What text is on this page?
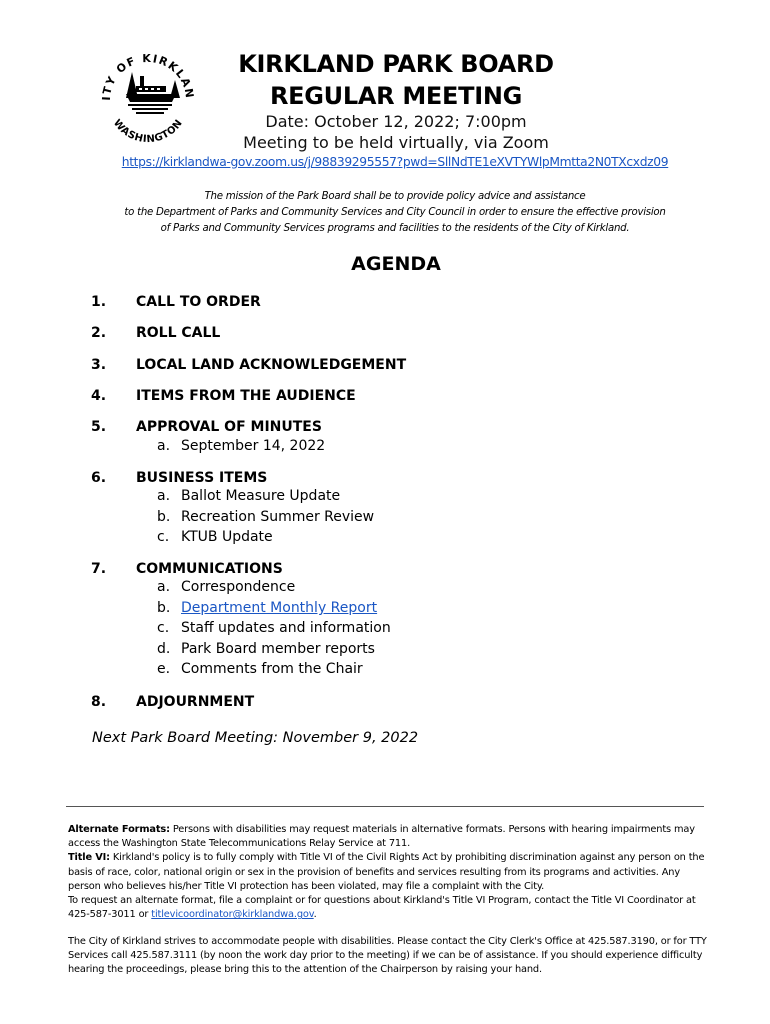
ITY OF KIRKLAN
WASHINGTON
KIRKLAND PARK BOARD
REGULAR MEETING
Date: October 12, 2022; 7:00pm
Meeting to be held virtually, via Zoom
https://kirklandwa-gov.zoom.us/j/98839295557?pwd=SllNdTE1eXVTYWlpMmtta2N0TXcxdz09
The mission of the Park Board shall be to provide policy advice and assistance
to the Department of Parks and Community Services and City Council in order to ensure the effective provision
of Parks and Community Services programs and facilities to the residents of the City of Kirkland.
AGENDA
1.	CALL TO ORDER
2.	ROLL CALL
3.	LOCAL LAND ACKNOWLEDGEMENT
4.	ITEMS FROM THE AUDIENCE
5.	APPROVAL OF MINUTES
a. September 14, 2022
6.	BUSINESS ITEMS
a. Ballot Measure Update
b. Recreation Summer Review
c. KTUB Update
7.	COMMUNICATIONS
a. Correspondence
b. Department Monthly Report
c. Staff updates and information
d. Park Board member reports
e. Comments from the Chair
8.	ADJOURNMENT
Next Park Board Meeting: November 9, 2022
Alternate Formats: Persons with disabilities may request materials in alternative formats. Persons with hearing impairments may access the Washington State Telecommunications Relay Service at 711.
Title VI: Kirkland's policy is to fully comply with Title VI of the Civil Rights Act by prohibiting discrimination against any person on the basis of race, color, national origin or sex in the provision of benefits and services resulting from its programs and activities. Any person who believes his/her Title VI protection has been violated, may file a complaint with the City.
To request an alternate format, file a complaint or for questions about Kirkland's Title VI Program, contact the Title VI Coordinator at 425-587-3011 or titlevicoordinator@kirklandwa.gov.
The City of Kirkland strives to accommodate people with disabilities. Please contact the City Clerk's Office at 425.587.3190, or for TTY Services call 425.587.3111 (by noon the work day prior to the meeting) if we can be of assistance. If you should experience difficulty hearing the proceedings, please bring this to the attention of the Chairperson by raising your hand.
